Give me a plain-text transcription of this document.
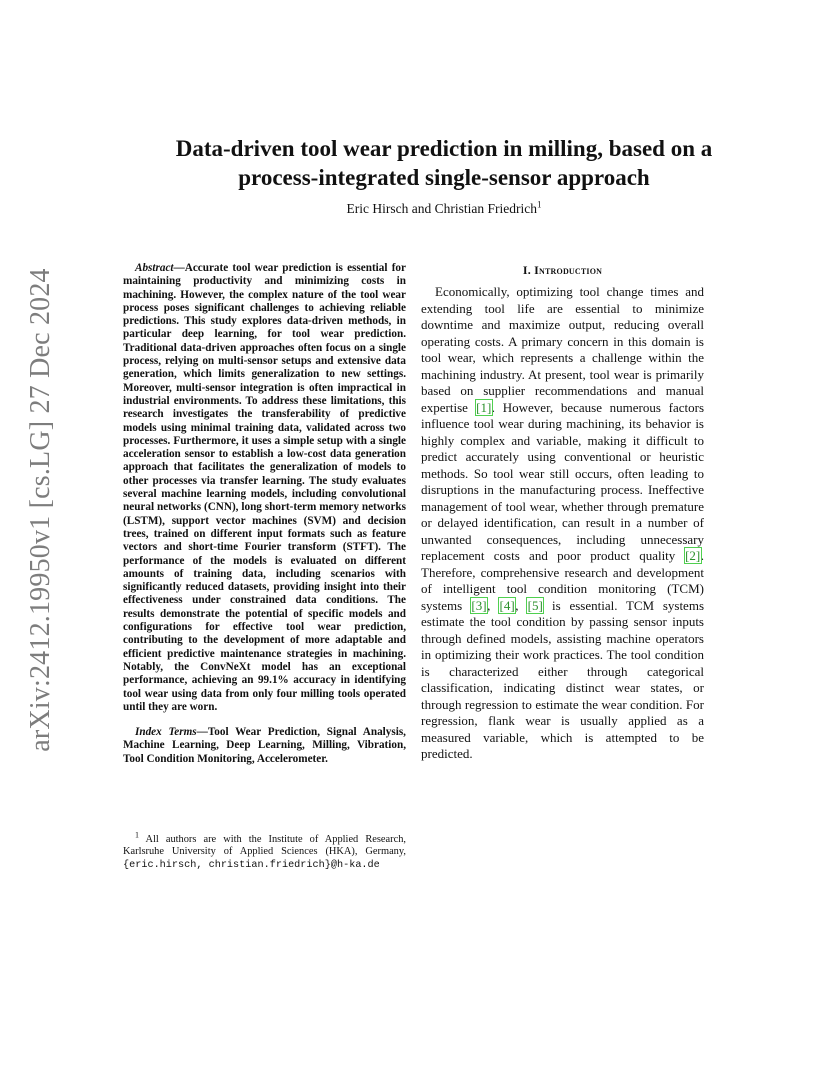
arXiv:2412.19950v1 [cs.LG] 27 Dec 2024
Data-driven tool wear prediction in milling, based on a
process-integrated single-sensor approach
Eric Hirsch and Christian Friedrich$^1$

Abstract—Accurate tool wear prediction is essential for maintaining productivity and minimizing costs in machining. However, the complex nature of the tool wear process poses significant challenges to achieving reliable predictions. This study explores data-driven methods, in particular deep learning, for tool wear prediction. Traditional data-driven approaches often focus on a single process, relying on multi-sensor setups and extensive data generation, which limits generalization to new settings. Moreover, multi-sensor integration is often impractical in industrial environments. To address these limitations, this research investigates the transferability of predictive models using minimal training data, validated across two processes. Furthermore, it uses a simple setup with a single acceleration sensor to establish a low-cost data generation approach that facilitates the generalization of models to other processes via transfer learning. The study evaluates several machine learning models, including convolutional neural networks (CNN), long short-term memory networks (LSTM), support vector machines (SVM) and decision trees, trained on different input formats such as feature vectors and short-time Fourier transform (STFT). The performance of the models is evaluated on different amounts of training data, including scenarios with significantly reduced datasets, providing insight into their effectiveness under constrained data conditions. The results demonstrate the potential of specific models and configurations for effective tool wear prediction, contributing to the development of more adaptable and efficient predictive maintenance strategies in machining. Notably, the ConvNeXt model has an exceptional performance, achieving an 99.1% accuracy in identifying tool wear using data from only four milling tools operated until they are worn.

Index Terms—Tool Wear Prediction, Signal Analysis, Machine Learning, Deep Learning, Milling, Vibration, Tool Condition Monitoring, Accelerometer.

$^1$ All authors are with the Institute of Applied Research, Karlsruhe University of Applied Sciences (HKA), Germany, {eric.hirsch, christian.friedrich}@h-ka.de
I. Introduction

Economically, optimizing tool change times and extending tool life are essential to minimize downtime and maximize output, reducing overall operating costs. A primary concern in this domain is tool wear, which represents a challenge within the machining industry. At present, tool wear is primarily based on supplier recommendations and manual expertise [1]. However, because numerous factors influence tool wear during machining, its behavior is highly complex and variable, making it difficult to predict accurately using conventional or heuristic methods. So tool wear still occurs, often leading to disruptions in the manufacturing process. Ineffective management of tool wear, whether through premature or delayed identification, can result in a number of unwanted consequences, including unnecessary replacement costs and poor product quality [2]. Therefore, comprehensive research and development of intelligent tool condition monitoring (TCM) systems [3], [4], [5] is essential. TCM systems estimate the tool condition by passing sensor inputs through defined models, assisting machine operators in optimizing their work practices. The tool condition is characterized either through categorical classification, indicating distinct wear states, or through regression to estimate the wear condition. For regression, flank wear is usually applied as a measured variable, which is attempted to be predicted.
